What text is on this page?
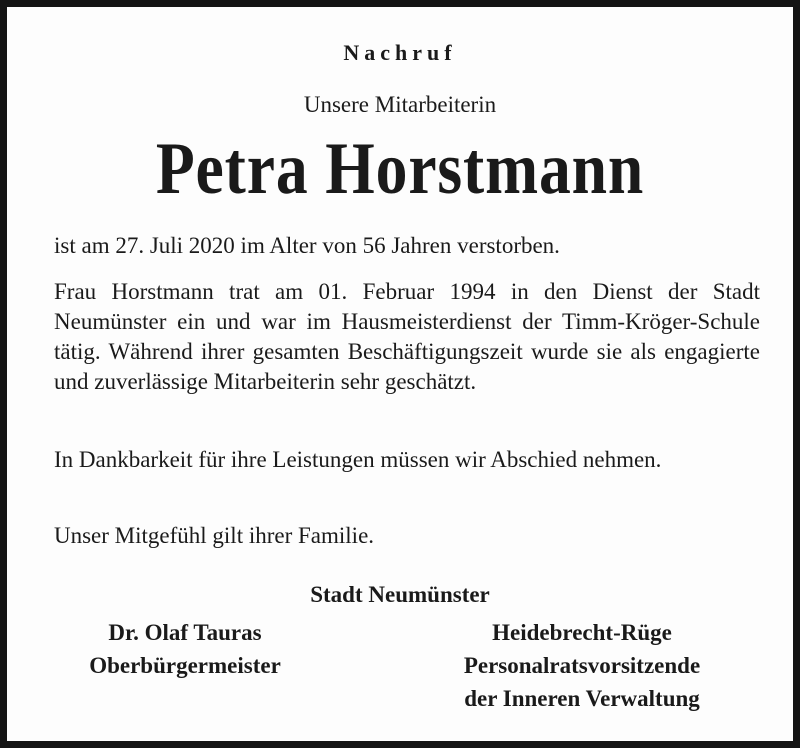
Nachruf
Unsere Mitarbeiterin
Petra Horstmann
ist am 27. Juli 2020 im Alter von 56 Jahren verstorben.
Frau Horstmann trat am 01. Februar 1994 in den Dienst der Stadt Neumünster ein und war im Hausmeisterdienst der Timm-Kröger-Schule tätig. Während ihrer gesamten Beschäftigungszeit wurde sie als engagierte und zuverlässige Mitarbeiterin sehr geschätzt.
In Dankbarkeit für ihre Leistungen müssen wir Abschied nehmen.
Unser Mitgefühl gilt ihrer Familie.
Stadt Neumünster
Dr. Olaf Tauras
Oberbürgermeister
Heidebrecht-Rüge
Personalratsvorsitzende
der Inneren Verwaltung
